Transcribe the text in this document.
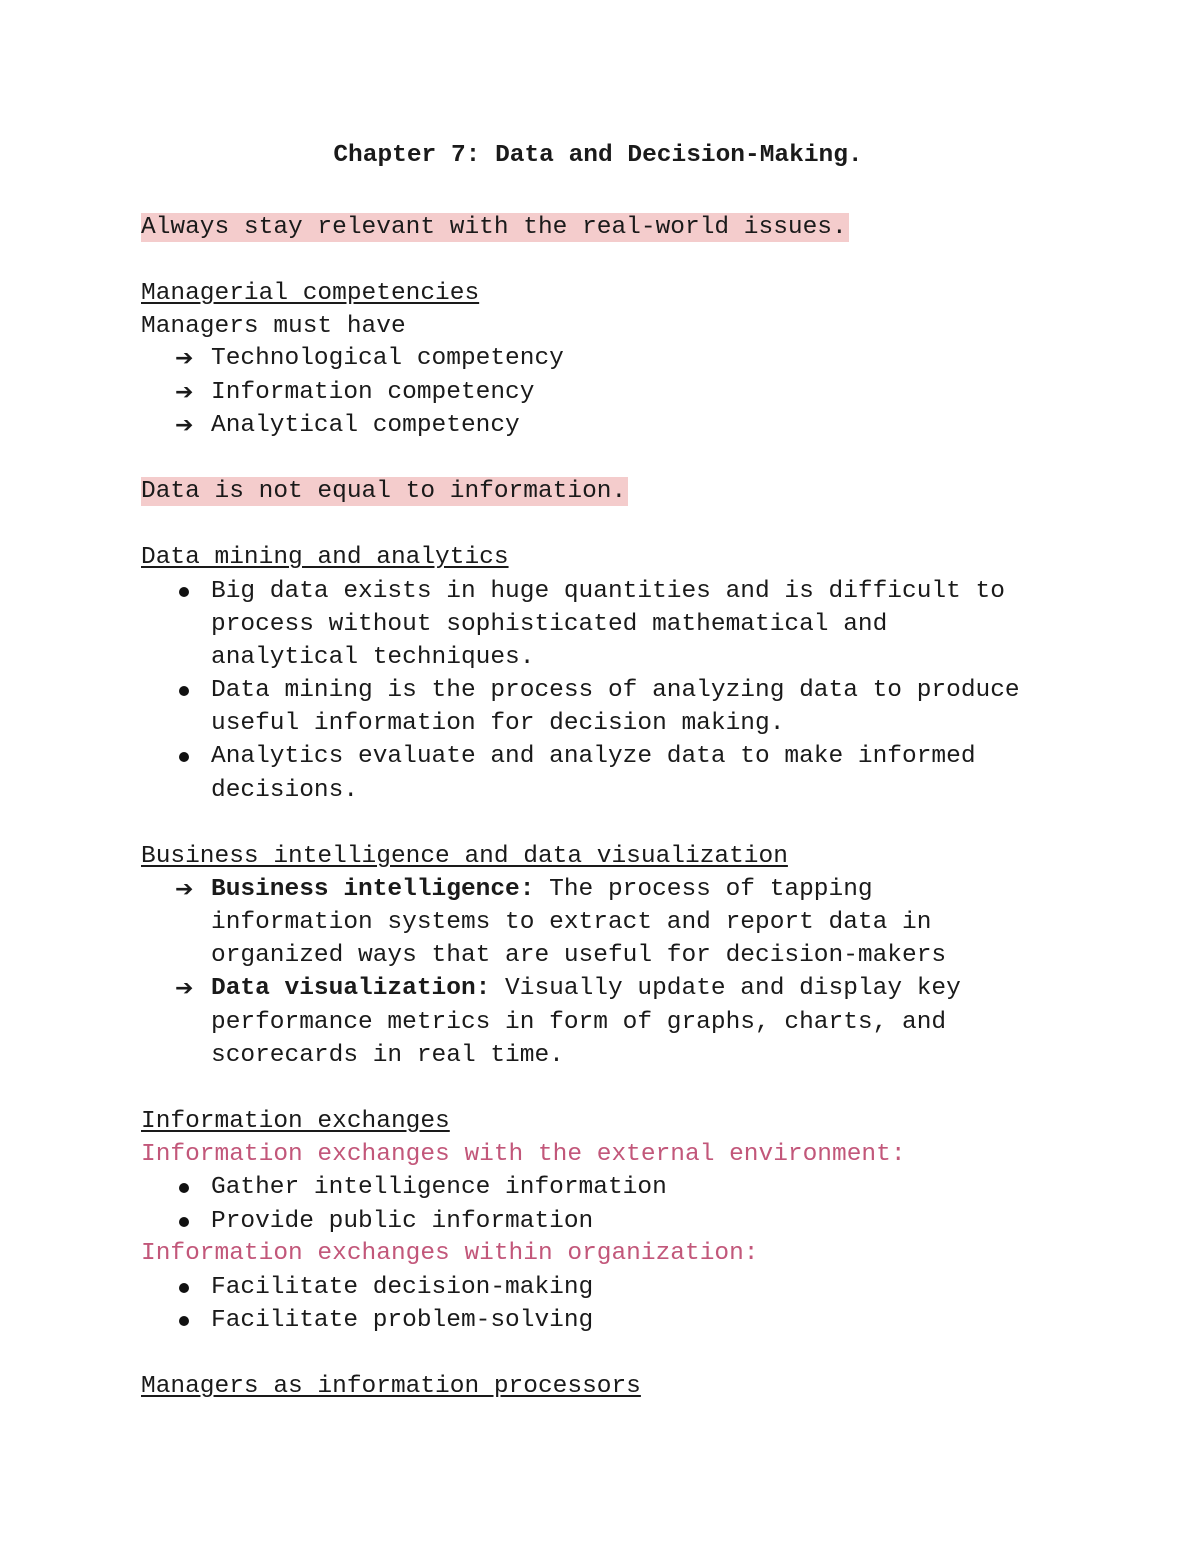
Chapter 7: Data and Decision-Making.
Always stay relevant with the real-world issues.
Managerial competencies
Managers must have
➔ Technological competency
➔ Information competency
➔ Analytical competency
Data is not equal to information.
Data mining and analytics
Big data exists in huge quantities and is difficult to
process without sophisticated mathematical and
analytical techniques.
Data mining is the process of analyzing data to produce
useful information for decision making.
Analytics evaluate and analyze data to make informed
decisions.
Business intelligence and data visualization
➔ Business intelligence: The process of tapping
information systems to extract and report data in
organized ways that are useful for decision-makers
➔ Data visualization: Visually update and display key
performance metrics in form of graphs, charts, and
scorecards in real time.
Information exchanges
Information exchanges with the external environment:
Gather intelligence information
Provide public information
Information exchanges within organization:
Facilitate decision-making
Facilitate problem-solving
Managers as information processors
